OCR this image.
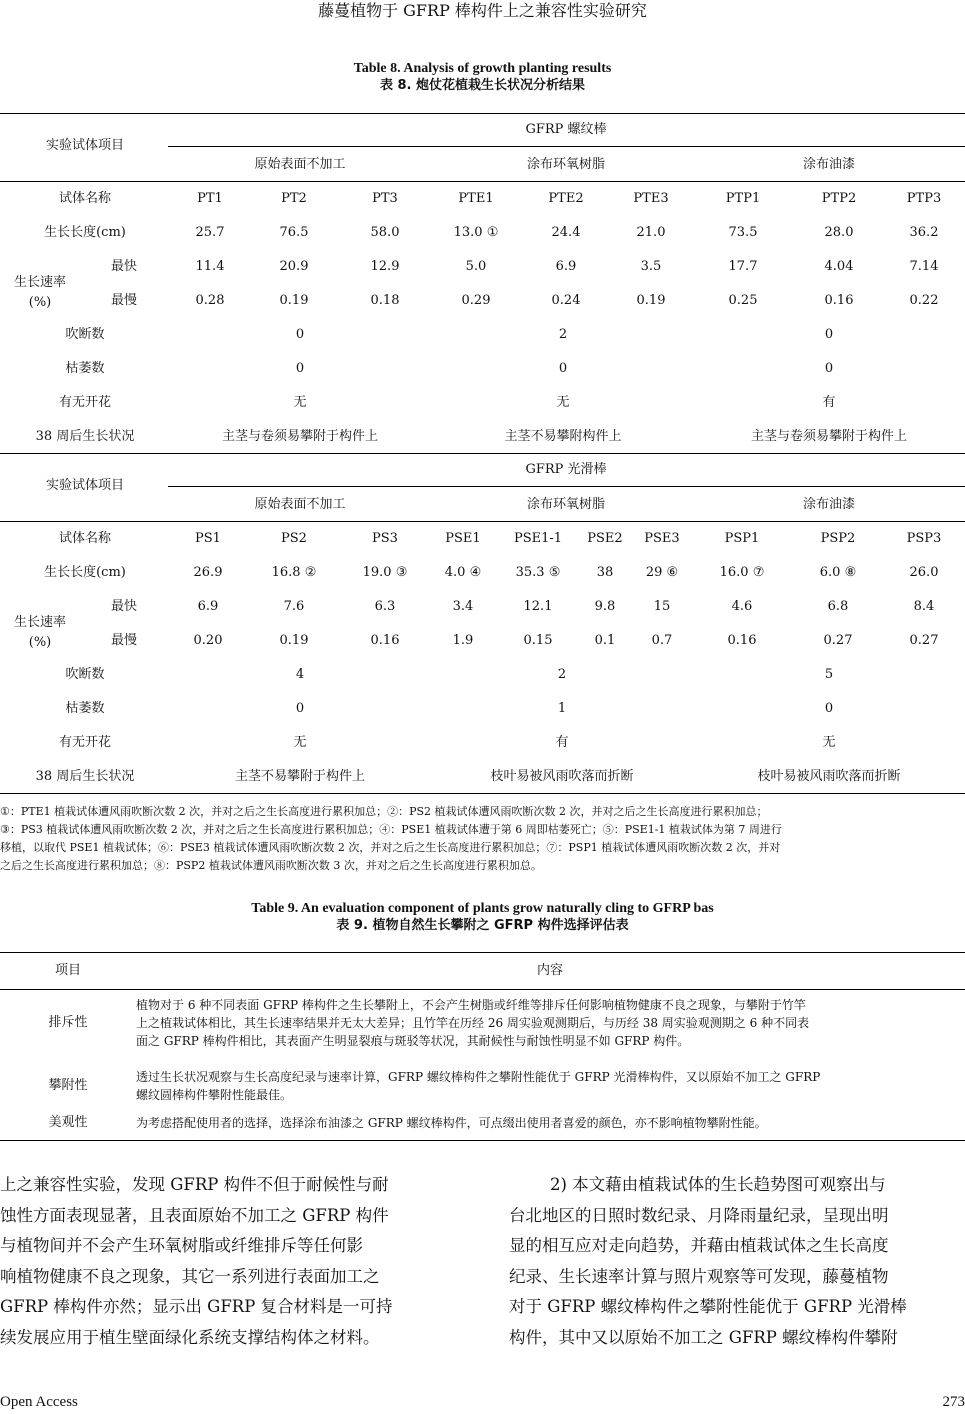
藤蔓植物于 GFRP 棒构件上之兼容性实验研究
Table 8. Analysis of growth planting results
表 8. 炮仗花植栽生长状况分析结果
实验试体项目
GFRP 螺纹棒
原始表面不加工	涂布环氧树脂	涂布油漆
试体名称	PT1	PT2	PT3	PTE1	PTE2	PTE3	PTP1	PTP2	PTP3
生长长度(cm)	25.7	76.5	58.0	13.0 ①	24.4	21.0	73.5	28.0	36.2
生长速率
(%)
最快	11.4	20.9	12.9	5.0	6.9	3.5	17.7	4.04	7.14
最慢	0.28	0.19	0.18	0.29	0.24	0.19	0.25	0.16	0.22
吹断数	0	2	0
枯萎数	0	0	0
有无开花	无	无	有
38 周后生长状况	主茎与卷须易攀附于构件上	主茎不易攀附构件上	主茎与卷须易攀附于构件上
实验试体项目
GFRP 光滑棒
原始表面不加工	涂布环氧树脂	涂布油漆
试体名称	PS1	PS2	PS3	PSE1	PSE1-1	PSE2	PSE3	PSP1	PSP2	PSP3
生长长度(cm)	26.9	16.8 ②	19.0 ③	4.0 ④	35.3 ⑤	38	29 ⑥	16.0 ⑦	6.0 ⑧	26.0
生长速率
(%)
最快	6.9	7.6	6.3	3.4	12.1	9.8	15	4.6	6.8	8.4
最慢	0.20	0.19	0.16	1.9	0.15	0.1	0.7	0.16	0.27	0.27
吹断数	4	2	5
枯萎数	0	1	0
有无开花	无	有	无
38 周后生长状况	主茎不易攀附于构件上	枝叶易被风雨吹落而折断	枝叶易被风雨吹落而折断
①：PTE1 植栽试体遭风雨吹断次数 2 次，并对之后之生长高度进行累积加总；②：PS2 植栽试体遭风雨吹断次数 2 次，并对之后之生长高度进行累积加总；
③：PS3 植栽试体遭风雨吹断次数 2 次，并对之后之生长高度进行累积加总；④：PSE1 植栽试体遭于第 6 周即枯萎死亡；⑤：PSE1-1 植栽试体为第 7 周进行
移植，以取代 PSE1 植栽试体；⑥：PSE3 植栽试体遭风雨吹断次数 2 次，并对之后之生长高度进行累积加总；⑦：PSP1 植栽试体遭风雨吹断次数 2 次，并对
之后之生长高度进行累积加总；⑧：PSP2 植栽试体遭风雨吹断次数 3 次，并对之后之生长高度进行累积加总。
Table 9. An evaluation component of plants grow naturally cling to GFRP bas
表 9. 植物自然生长攀附之 GFRP 构件选择评估表
项目	内容
排斥性
植物对于 6 种不同表面 GFRP 棒构件之生长攀附上，不会产生树脂或纤维等排斥任何影响植物健康不良之现象，与攀附于竹竿
上之植栽试体相比，其生长速率结果并无太大差异；且竹竿在历经 26 周实验观测期后，与历经 38 周实验观测期之 6 种不同表
面之 GFRP 棒构件相比，其表面产生明显裂痕与斑驳等状况，其耐候性与耐蚀性明显不如 GFRP 构件。
攀附性
透过生长状况观察与生长高度纪录与速率计算，GFRP 螺纹棒构件之攀附性能优于 GFRP 光滑棒构件，又以原始不加工之 GFRP
螺纹圆棒构件攀附性能最佳。
美观性	为考虑搭配使用者的选择，选择涂布油漆之 GFRP 螺纹棒构件，可点缀出使用者喜爱的颜色，亦不影响植物攀附性能。
上之兼容性实验，发现 GFRP 构件不但于耐候性与耐
蚀性方面表现显著，且表面原始不加工之 GFRP 构件
与植物间并不会产生环氧树脂或纤维排斥等任何影
响植物健康不良之现象，其它一系列进行表面加工之
GFRP 棒构件亦然；显示出 GFRP 复合材料是一可持
续发展应用于植生壁面绿化系统支撑结构体之材料。
2) 本文藉由植栽试体的生长趋势图可观察出与
台北地区的日照时数纪录、月降雨量纪录，呈现出明
显的相互应对走向趋势，并藉由植栽试体之生长高度
纪录、生长速率计算与照片观察等可发现，藤蔓植物
对于 GFRP 螺纹棒构件之攀附性能优于 GFRP 光滑棒
构件，其中又以原始不加工之 GFRP 螺纹棒构件攀附
Open Access	273
